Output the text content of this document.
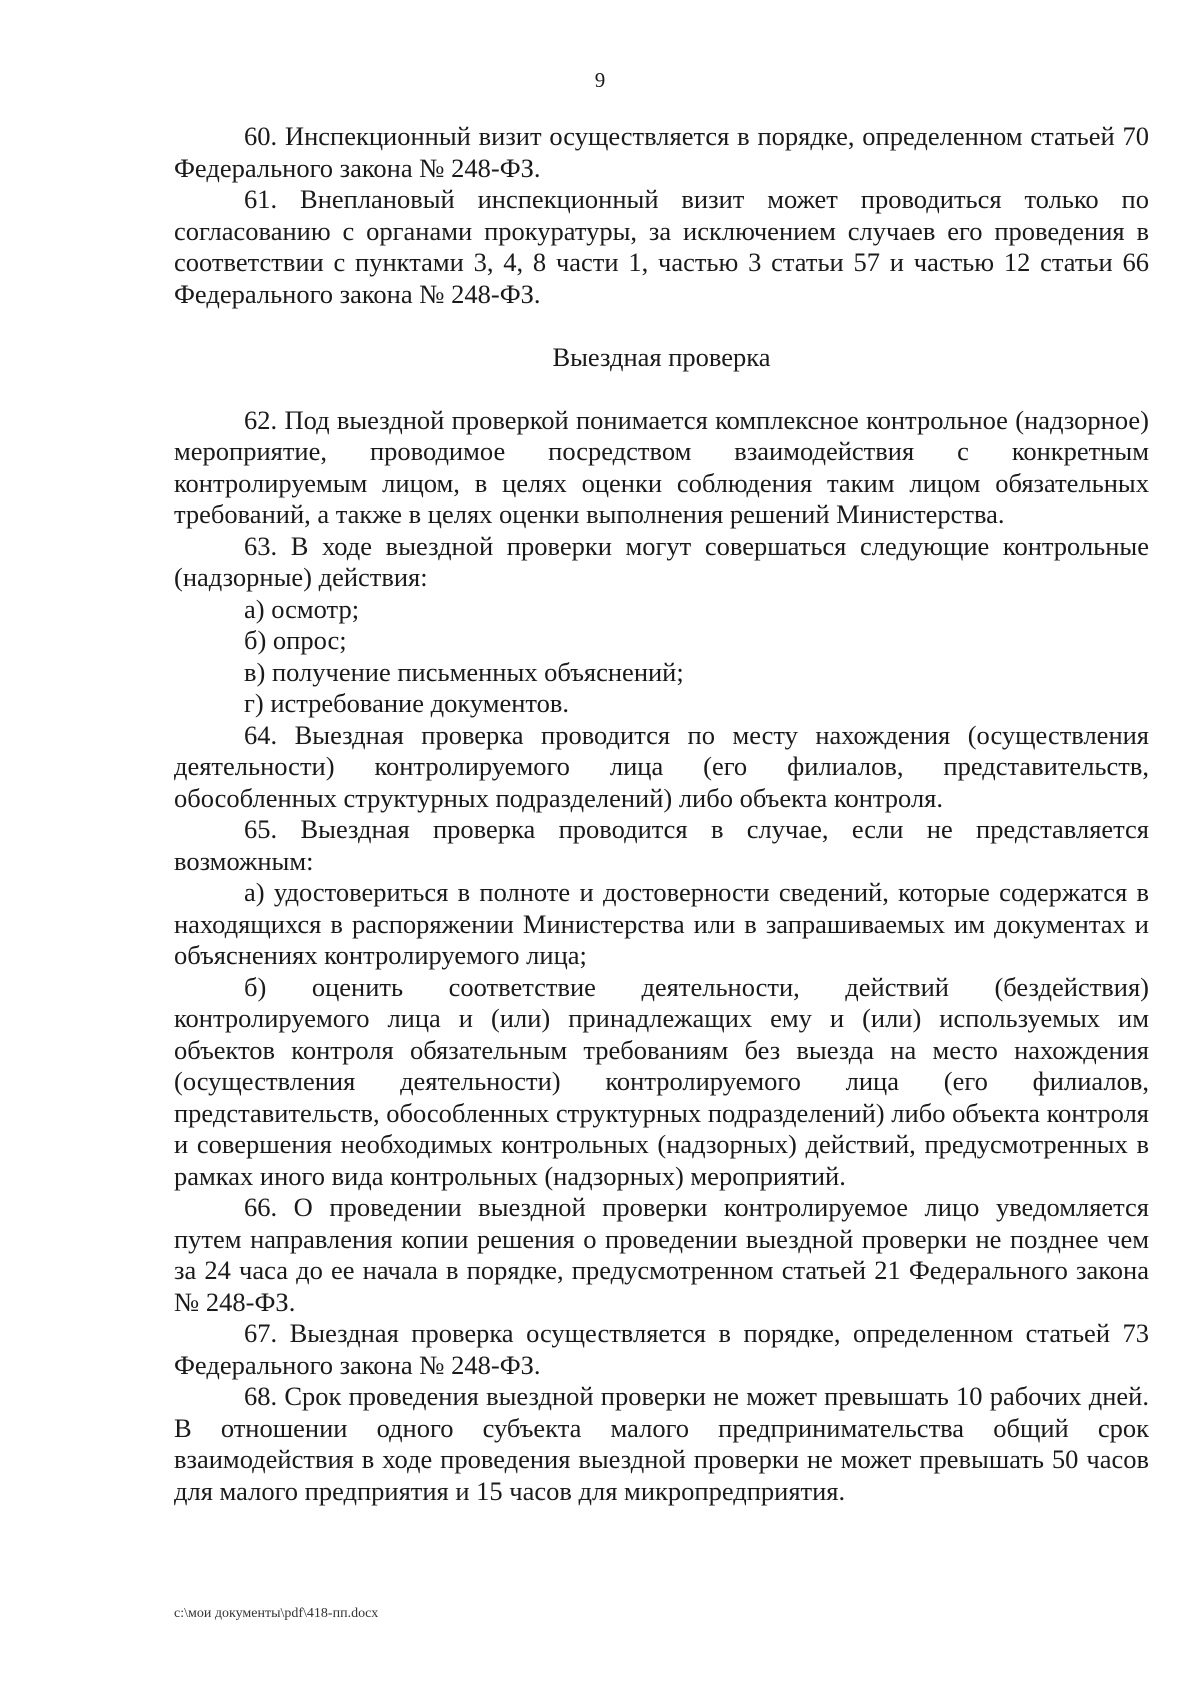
9

60. Инспекционный визит осуществляется в порядке, определенном статьей 70 Федерального закона № 248-ФЗ.

61. Внеплановый инспекционный визит может проводиться только по согласованию с органами прокуратуры, за исключением случаев его проведения в соответствии с пунктами 3, 4, 8 части 1, частью 3 статьи 57 и частью 12 статьи 66 Федерального закона № 248-ФЗ.

Выездная проверка

62. Под выездной проверкой понимается комплексное контрольное (надзорное) мероприятие, проводимое посредством взаимодействия с конкретным контролируемым лицом, в целях оценки соблюдения таким лицом обязательных требований, а также в целях оценки выполнения решений Министерства.

63. В ходе выездной проверки могут совершаться следующие контрольные (надзорные) действия:

а) осмотр;

б) опрос;

в) получение письменных объяснений;

г) истребование документов.

64. Выездная проверка проводится по месту нахождения (осуществления деятельности) контролируемого лица (его филиалов, представительств, обособленных структурных подразделений) либо объекта контроля.

65. Выездная проверка проводится в случае, если не представляется возможным:

а) удостовериться в полноте и достоверности сведений, которые содержатся в находящихся в распоряжении Министерства или в запрашиваемых им документах и объяснениях контролируемого лица;

б) оценить соответствие деятельности, действий (бездействия) контролируемого лица и (или) принадлежащих ему и (или) используемых им объектов контроля обязательным требованиям без выезда на место нахождения (осуществления деятельности) контролируемого лица (его филиалов, представительств, обособленных структурных подразделений) либо объекта контроля и совершения необходимых контрольных (надзорных) действий, предусмотренных в рамках иного вида контрольных (надзорных) мероприятий.

66. О проведении выездной проверки контролируемое лицо уведомляется путем направления копии решения о проведении выездной проверки не позднее чем за 24 часа до ее начала в порядке, предусмотренном статьей 21 Федерального закона № 248-ФЗ.

67. Выездная проверка осуществляется в порядке, определенном статьей 73 Федерального закона № 248-ФЗ.

68. Срок проведения выездной проверки не может превышать 10 рабочих дней. В отношении одного субъекта малого предпринимательства общий срок взаимодействия в ходе проведения выездной проверки не может превышать 50 часов для малого предприятия и 15 часов для микропредприятия.

c:\мои документы\pdf\418-пп.docx
